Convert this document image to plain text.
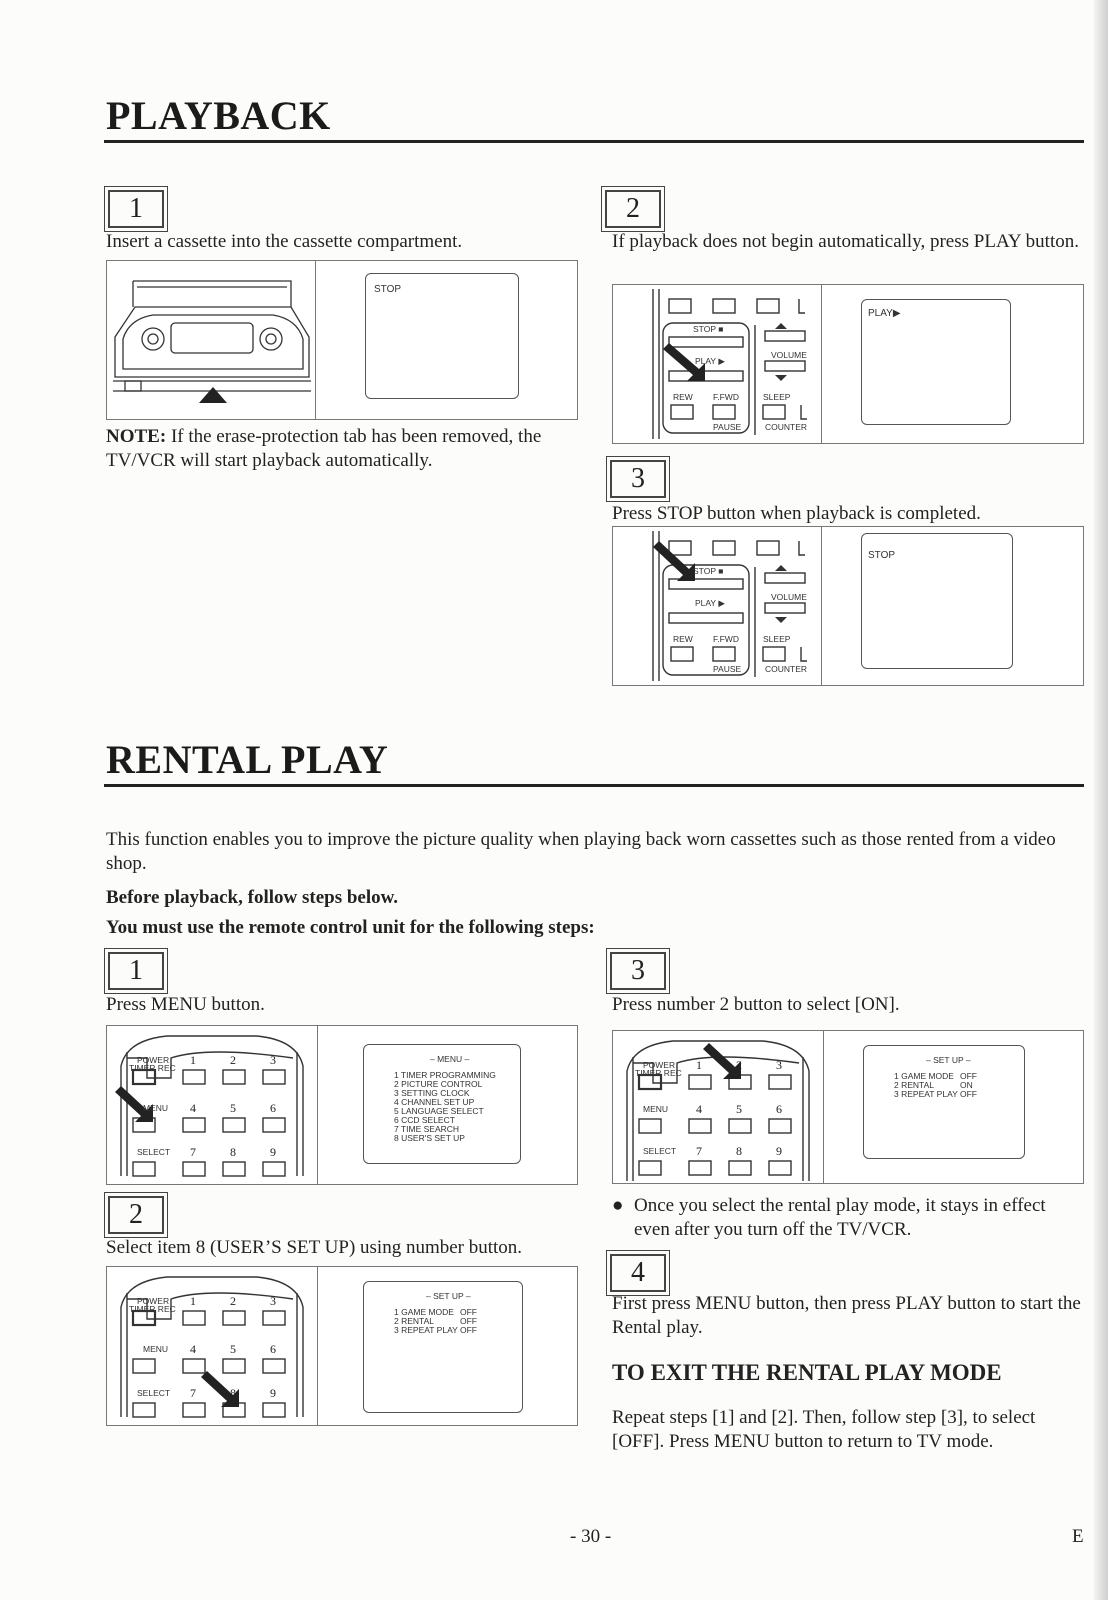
PLAYBACK
1
Insert a cassette into the cassette compartment.
STOP
NOTE: If the erase-protection tab has been removed, the TV/VCR will start playback automatically.
2
If playback does not begin automatically, press PLAY button.
STOP ■
PLAY ▶
VOLUME
REW F.FWD	SLEEP
PAUSE	COUNTER
PLAY▶
3
Press STOP button when playback is completed.
STOP ■
PLAY ▶
VOLUME
REW F.FWD	SLEEP
PAUSE	COUNTER
STOP
RENTAL PLAY
This function enables you to improve the picture quality when playing back worn cassettes such as those rented from a video shop.
Before playback, follow steps below.
You must use the remote control unit for the following steps:
1
Press MENU button.
POWER
TIMER REC
MENU
SELECT
1	2	3
4	5	6
7	8	9
– MENU –
1 TIMER PROGRAMMING
2 PICTURE CONTROL
3 SETTING CLOCK
4 CHANNEL SET UP
5 LANGUAGE SELECT
6 CCD SELECT
7 TIME SEARCH
8 USER'S SET UP
2
Select item 8 (USER’S SET UP) using number button.
POWER
TIMER REC
MENU
SELECT
1	2	3
4	5	6
7	8	9
– SET UP –
1 GAME MODE OFF
2 RENTAL	OFF
3 REPEAT PLAY OFF
3
Press number 2 button to select [ON].
POWER
TIMER REC
MENU
SELECT
1	2	3
4	5	6
7	8	9
– SET UP –
1 GAME MODE OFF
2 RENTAL	ON
3 REPEAT PLAY OFF
● Once you select the rental play mode, it stays in effect even after you turn off the TV/VCR.
4
First press MENU button, then press PLAY button to start the Rental play.
TO EXIT THE RENTAL PLAY MODE
Repeat steps [1] and [2]. Then, follow step [3], to select [OFF]. Press MENU button to return to TV mode.
- 30 -	E
